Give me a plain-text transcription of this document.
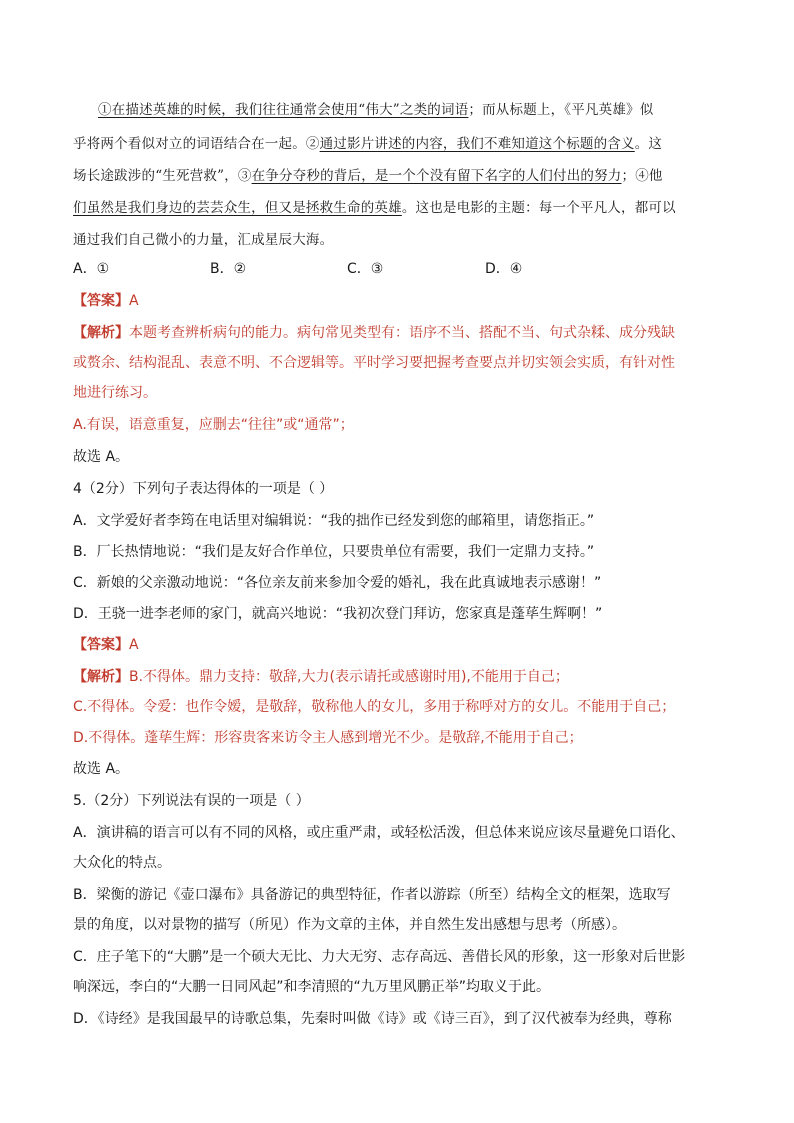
①在描述英雄的时候，我们往往通常会使用“伟大”之类的词语；而从标题上，《平凡英雄》似
乎将两个看似对立的词语结合在一起。②通过影片讲述的内容，我们不难知道这个标题的含义。这
场长途跋涉的“生死营救”，③在争分夺秒的背后，是一个个没有留下名字的人们付出的努力；④他
们虽然是我们身边的芸芸众生，但又是拯救生命的英雄。这也是电影的主题：每一个平凡人，都可以
通过我们自己微小的力量，汇成星辰大海。
A．①	B．②	C．③	D．④
【答案】A
【解析】本题考查辨析病句的能力。病句常见类型有：语序不当、搭配不当、句式杂糅、成分残缺
或赘余、结构混乱、表意不明、不合逻辑等。平时学习要把握考查要点并切实领会实质，有针对性
地进行练习。
A.有误，语意重复，应删去“往往”或“通常”；
故选 A。
4（2分）下列句子表达得体的一项是（ ）
A．文学爱好者李筠在电话里对编辑说：“我的拙作已经发到您的邮箱里，请您指正。”
B．厂长热情地说：“我们是友好合作单位，只要贵单位有需要，我们一定鼎力支持。”
C．新娘的父亲激动地说：“各位亲友前来参加令爱的婚礼，我在此真诚地表示感谢！”
D．王骁一进李老师的家门，就高兴地说：“我初次登门拜访，您家真是蓬荜生辉啊！”
【答案】A
【解析】B.不得体。鼎力支持：敬辞,大力(表示请托或感谢时用),不能用于自己；
C.不得体。令爱：也作令嫒，是敬辞，敬称他人的女儿，多用于称呼对方的女儿。不能用于自己；
D.不得体。蓬荜生辉：形容贵客来访令主人感到增光不少。是敬辞,不能用于自己；
故选 A。
5.（2分）下列说法有误的一项是（ ）
A．演讲稿的语言可以有不同的风格，或庄重严肃，或轻松活泼，但总体来说应该尽量避免口语化、
大众化的特点。
B．梁衡的游记《壶口瀑布》具备游记的典型特征，作者以游踪（所至）结构全文的框架，选取写
景的角度，以对景物的描写（所见）作为文章的主体，并自然生发出感想与思考（所感）。
C．庄子笔下的“大鹏”是一个硕大无比、力大无穷、志存高远、善借长风的形象，这一形象对后世影
响深远，李白的“大鹏一日同风起”和李清照的“九万里风鹏正举”均取义于此。
D．《诗经》是我国最早的诗歌总集，先秦时叫做《诗》或《诗三百》，到了汉代被奉为经典，尊称
